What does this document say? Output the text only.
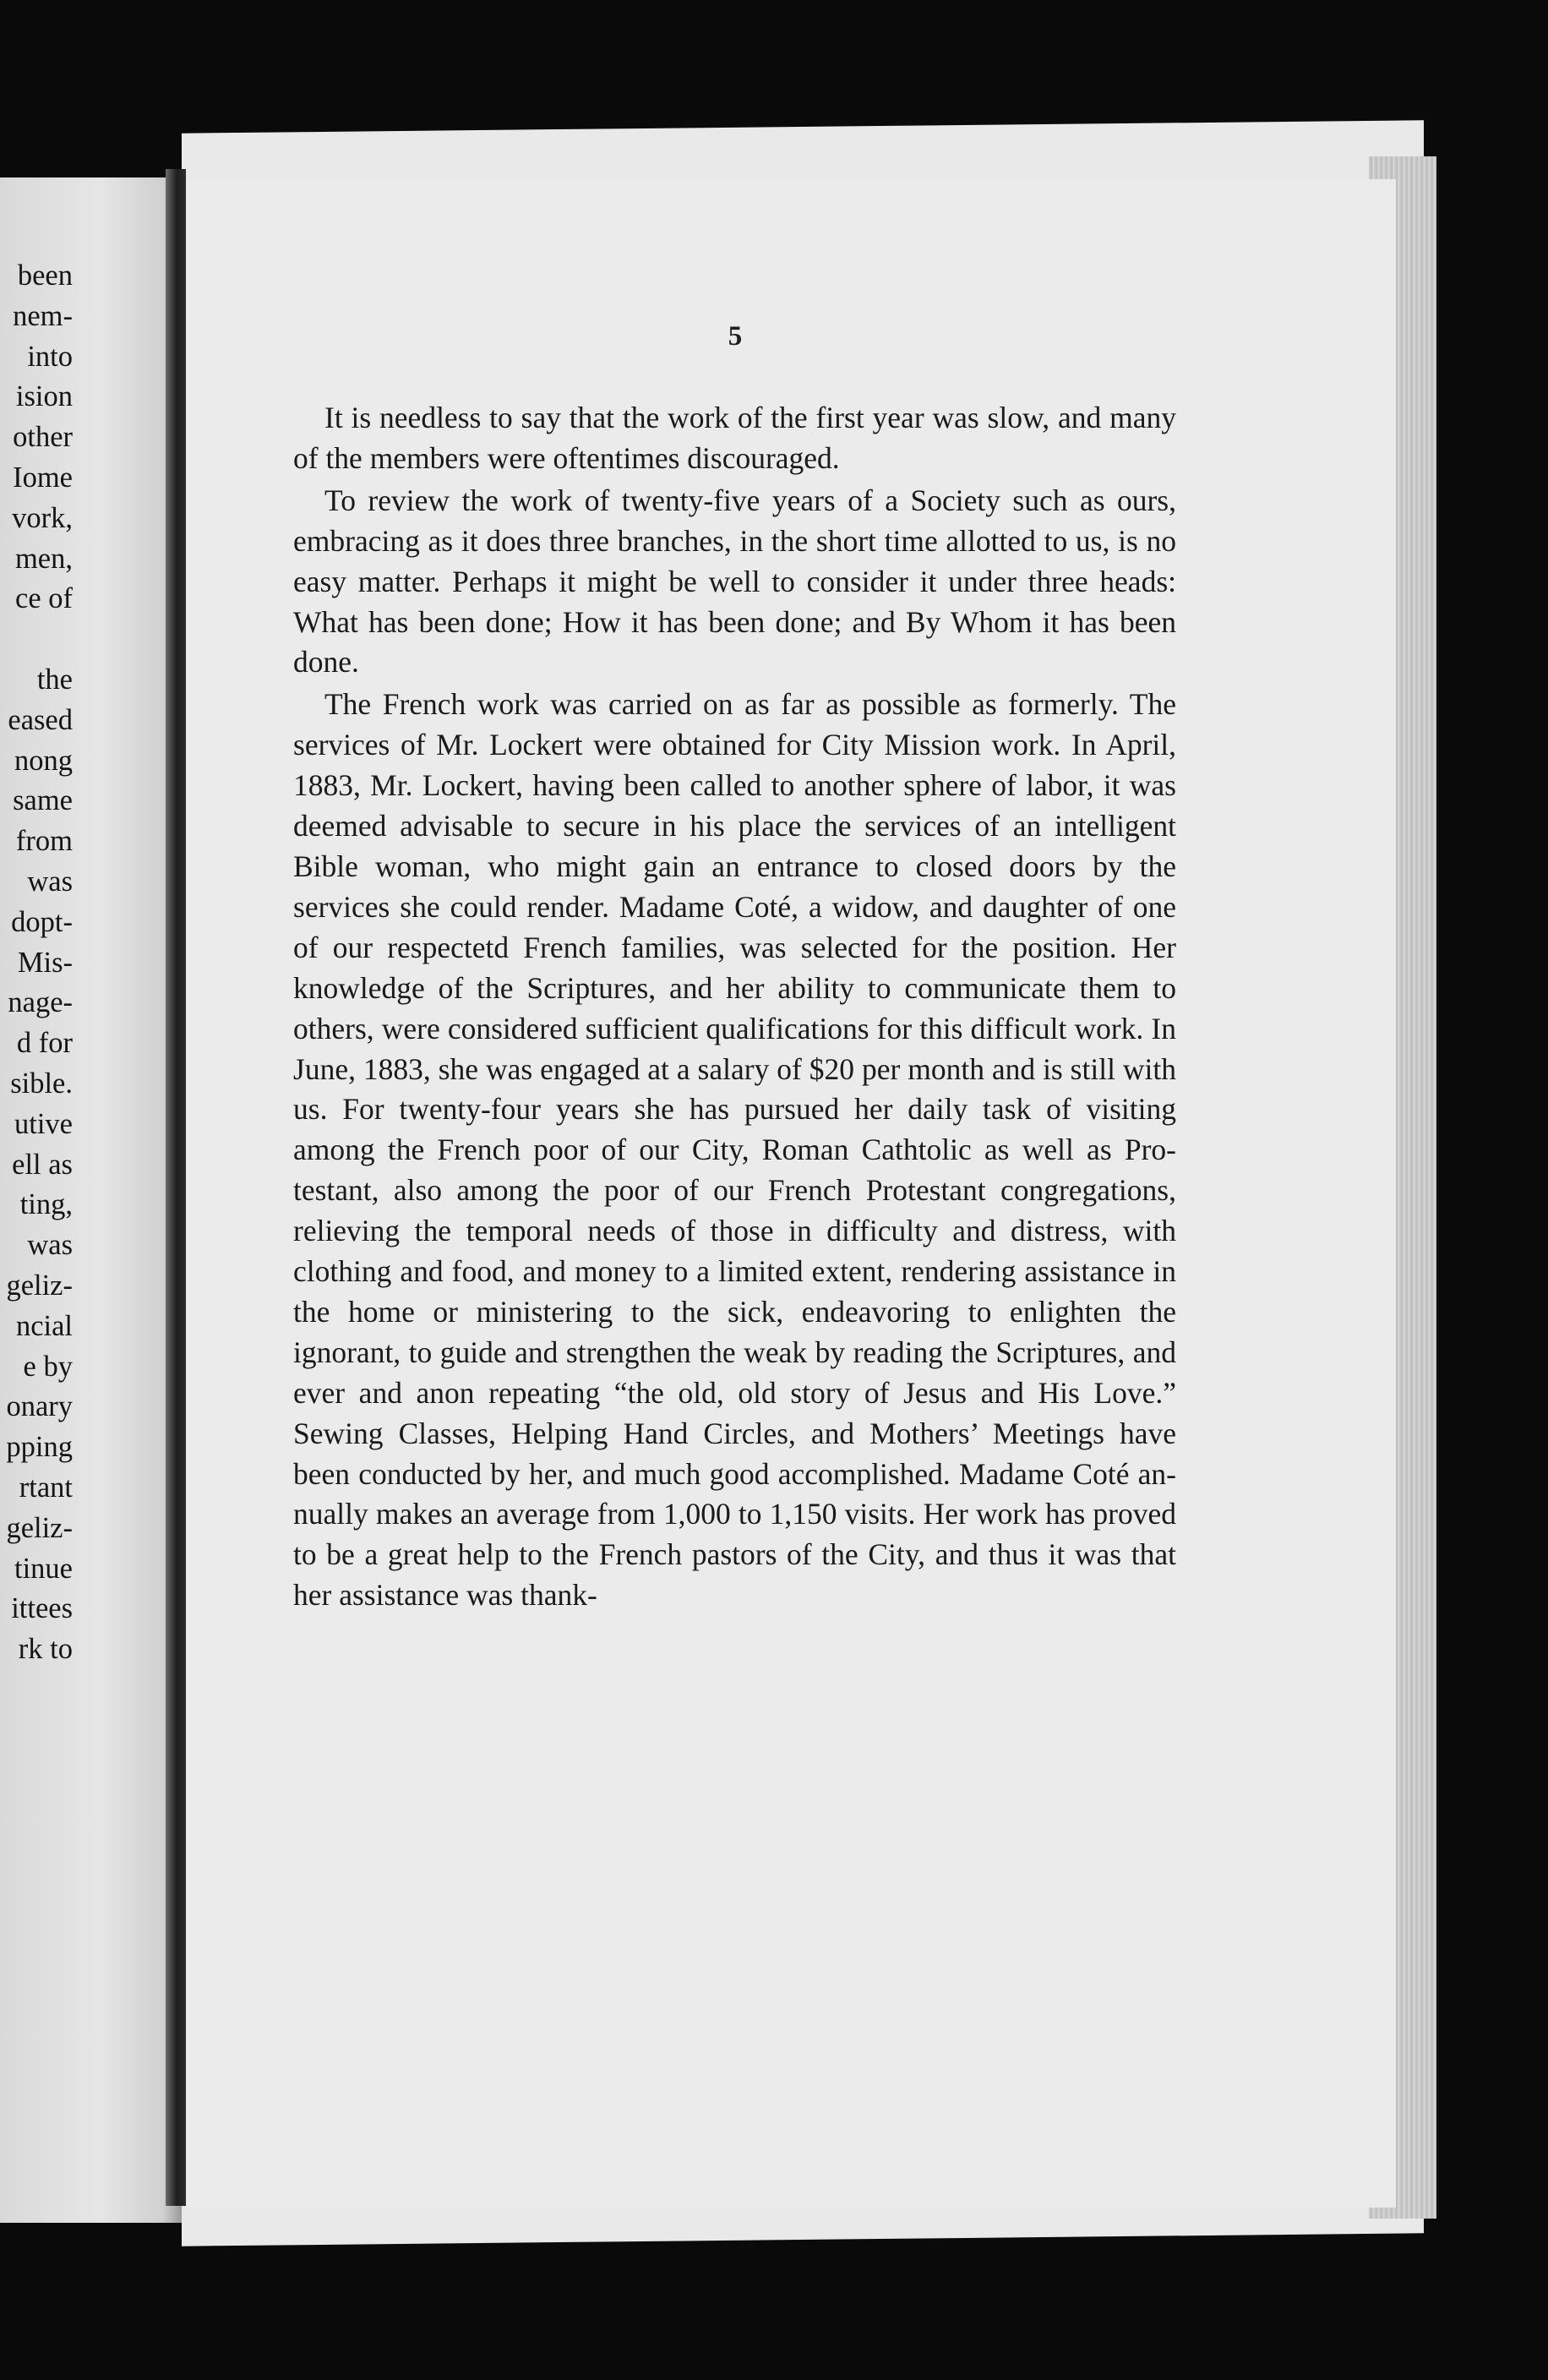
been
nem-
into
ision
other
Iome
vork,
men,
ce of
the
eased
nong
same
from
was
dopt-
Mis-
nage-
d for
sible.
utive
ell as
ting,
was
geliz-
ncial
e by
onary
pping
rtant
geliz-
tinue
ittees
rk to
5

It is needless to say that the work of the first year was slow, and many of the members were oftentimes discouraged.

To review the work of twenty-five years of a Society such as ours, embracing as it does three branches, in the short time allotted to us, is no easy matter. Perhaps it might be well to consider it under three heads: What has been done; How it has been done; and By Whom it has been done.

The French work was carried on as far as possible as formerly. The services of Mr. Lockert were obtained for City Mission work. In April, 1883, Mr. Lockert, having been called to another sphere of labor, it was deemed advisable to secure in his place the services of an intelligent Bible woman, who might gain an entrance to closed doors by the services she could render. Madame Coté, a widow, and daughter of one of our respectetd French families, was selected for the position. Her knowledge of the Scriptures, and her ability to communicate them to others, were considered sufficient qualifications for this difficult work. In June, 1883, she was engaged at a salary of $20 per month and is still with us. For twenty-four years she has pursued her daily task of visiting among the French poor of our City, Roman Cathtolic as well as Protestant, also among the poor of our French Protestant congregations, relieving the temporal needs of those in difficulty and distress, with clothing and food, and money to a limited extent, rendering assistance in the home or ministering to the sick, endeavoring to enlighten the ignorant, to guide and strengthen the weak by reading the Scriptures, and ever and anon repeating “the old, old story of Jesus and His Love.” Sewing Classes, Helping Hand Circles, and Mothers’ Meetings have been conducted by her, and much good accomplished. Madame Coté annually makes an average from 1,000 to 1,150 visits. Her work has proved to be a great help to the French pastors of the City, and thus it was that her assistance was thank-
